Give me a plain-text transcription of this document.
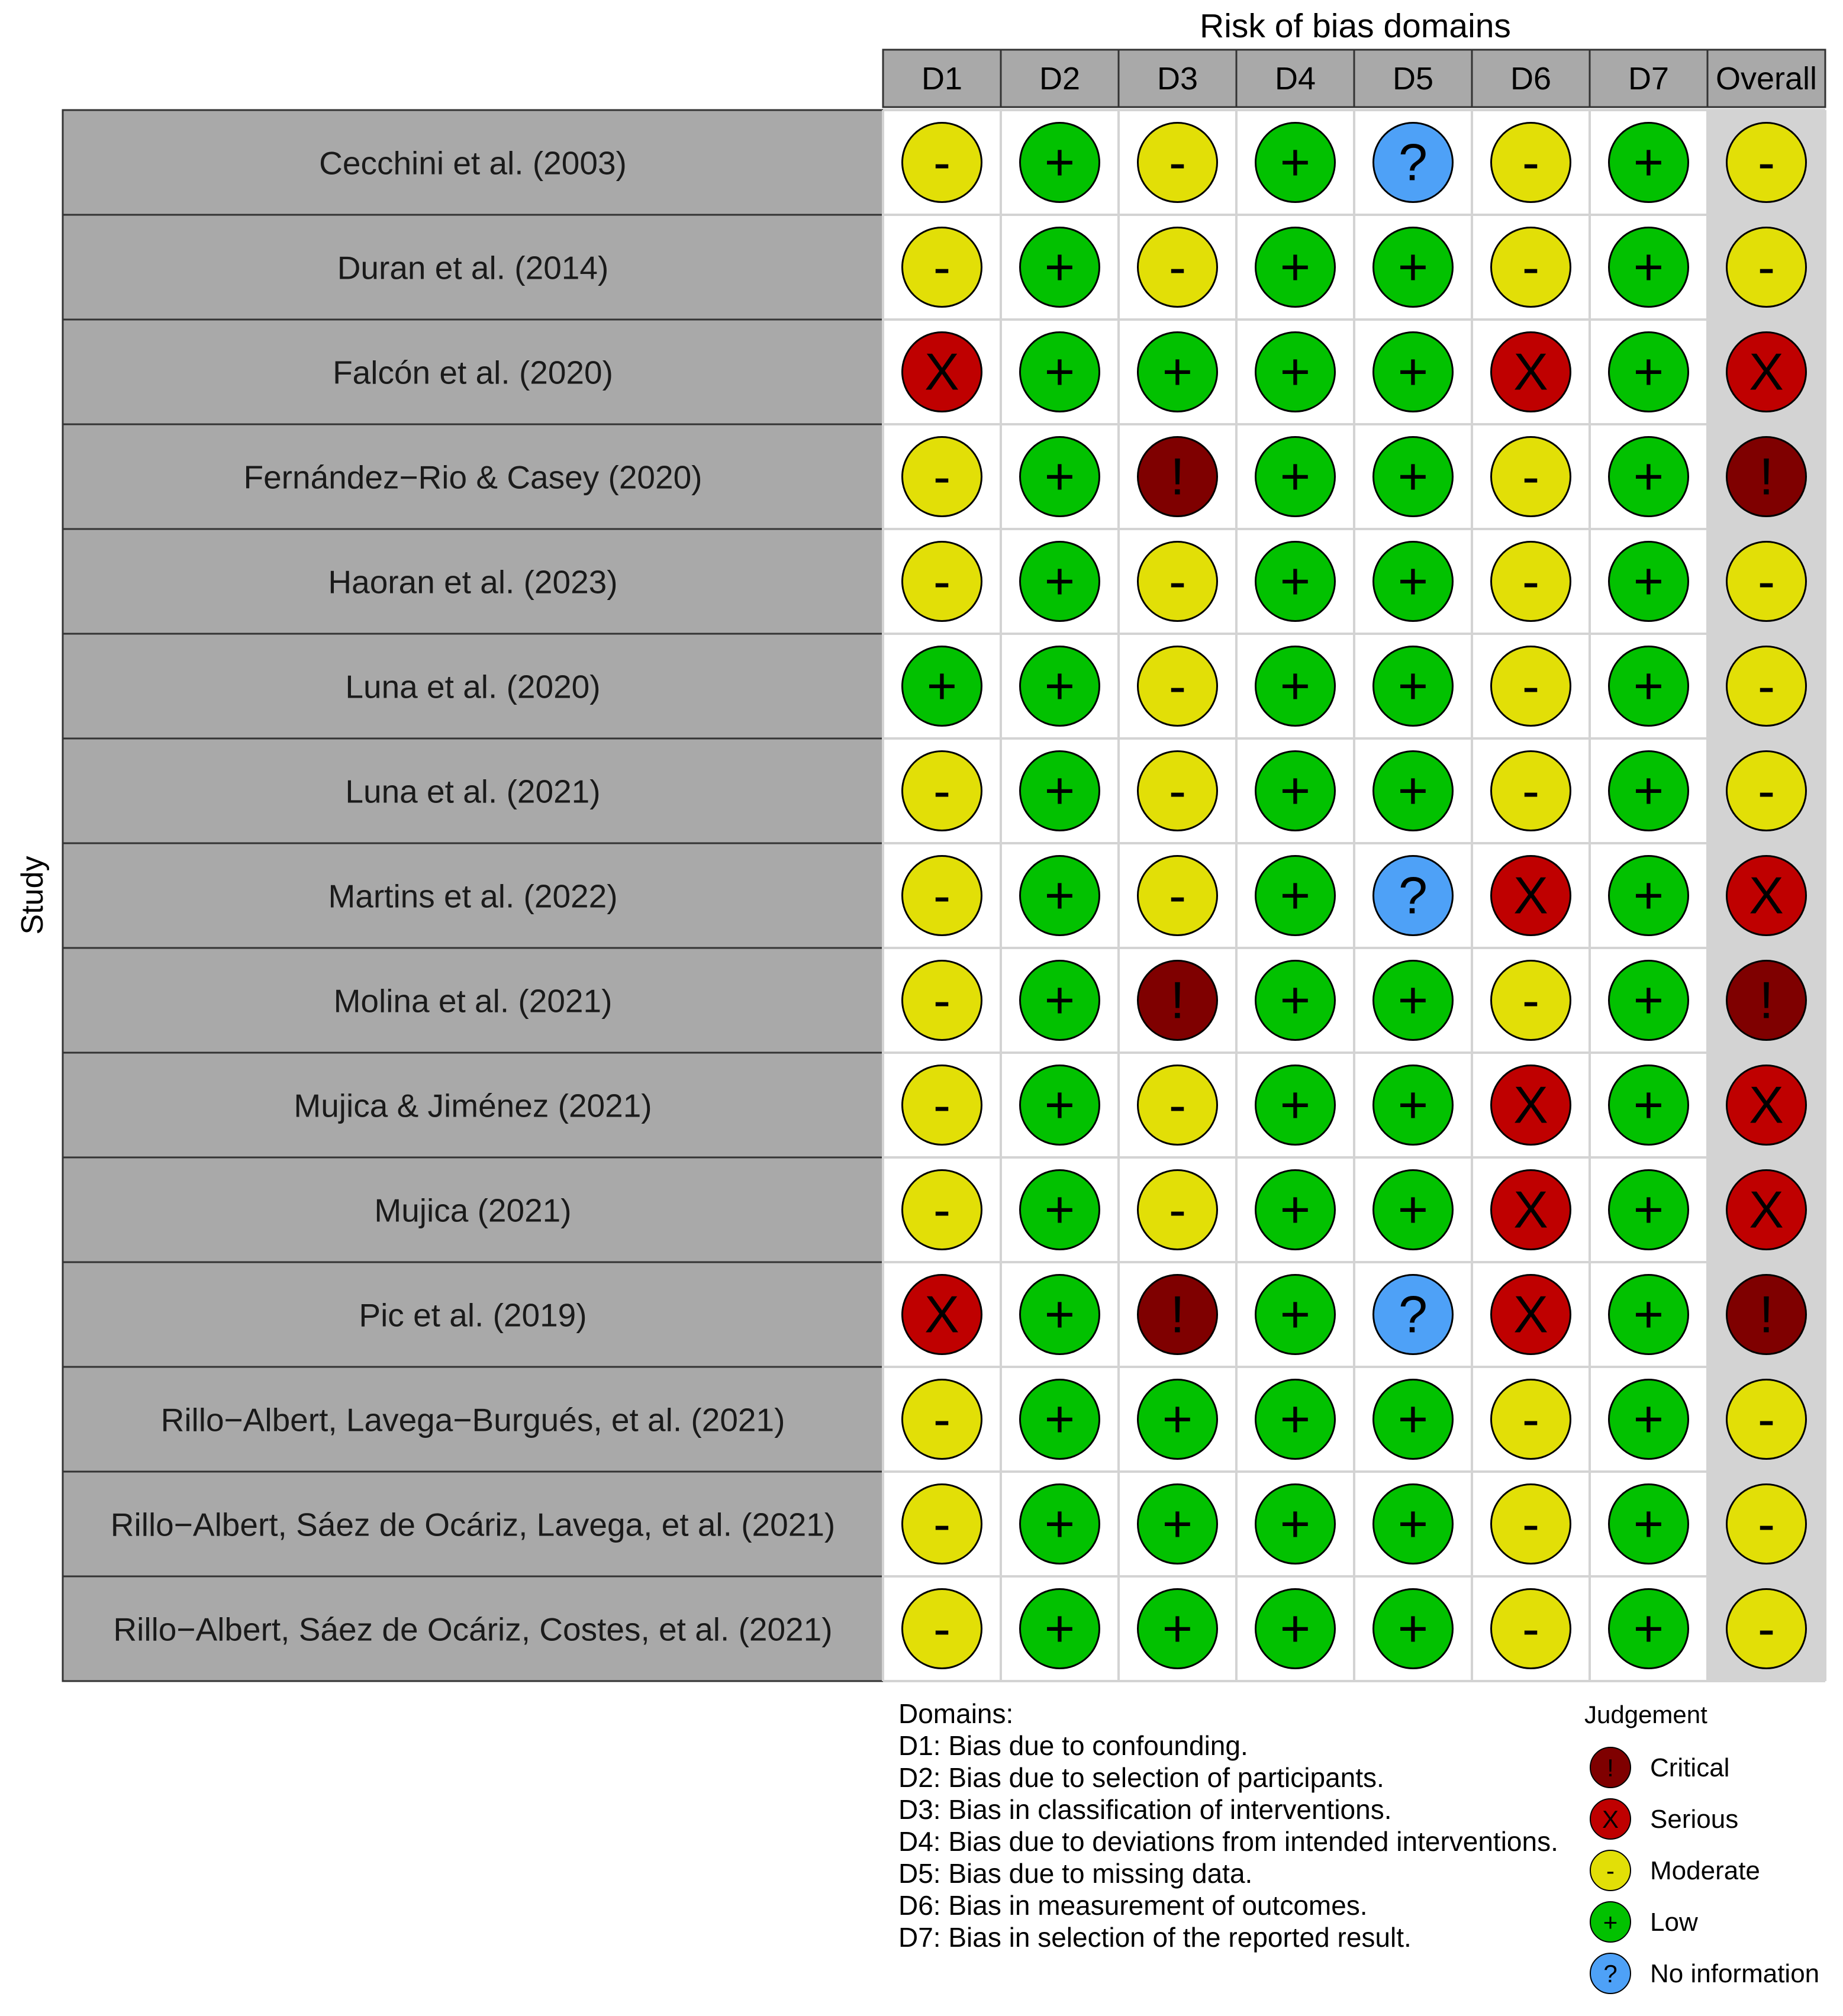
Risk of bias domains
Study
D1 D2 D3 D4 D5 D6 D7 Overall
Cecchini et al. (2003)
Duran et al. (2014)
Falcón et al. (2020)
Fernández−Rio & Casey (2020)
Haoran et al. (2023)
Luna et al. (2020)
Luna et al. (2021)
Martins et al. (2022)
Molina et al. (2021)
Mujica & Jiménez (2021)
Mujica (2021)
Pic et al. (2019)
Rillo−Albert, Lavega−Burgués, et al. (2021)
Rillo−Albert, Sáez de Ocáriz, Lavega, et al. (2021)
Rillo−Albert, Sáez de Ocáriz, Costes, et al. (2021)
- + - + ? - + -
- + - + + - + -
X + + + + X + X
- + ! + + - + !
- + - + + - + -
+ + - + + - + -
- + - + + - + -
- + - + ? X + X
- + ! + + - + !
- + - + + X + X
- + - + + X + X
X + ! + ? X + !
- + + + + - + -
- + + + + - + -
- + + + + - + -
Domains:
D1: Bias due to confounding.
D2: Bias due to selection of participants.
D3: Bias in classification of interventions.
D4: Bias due to deviations from intended interventions.
D5: Bias due to missing data.
D6: Bias in measurement of outcomes.
D7: Bias in selection of the reported result.
Judgement
! Critical
X Serious
- Moderate
+ Low
? No information
